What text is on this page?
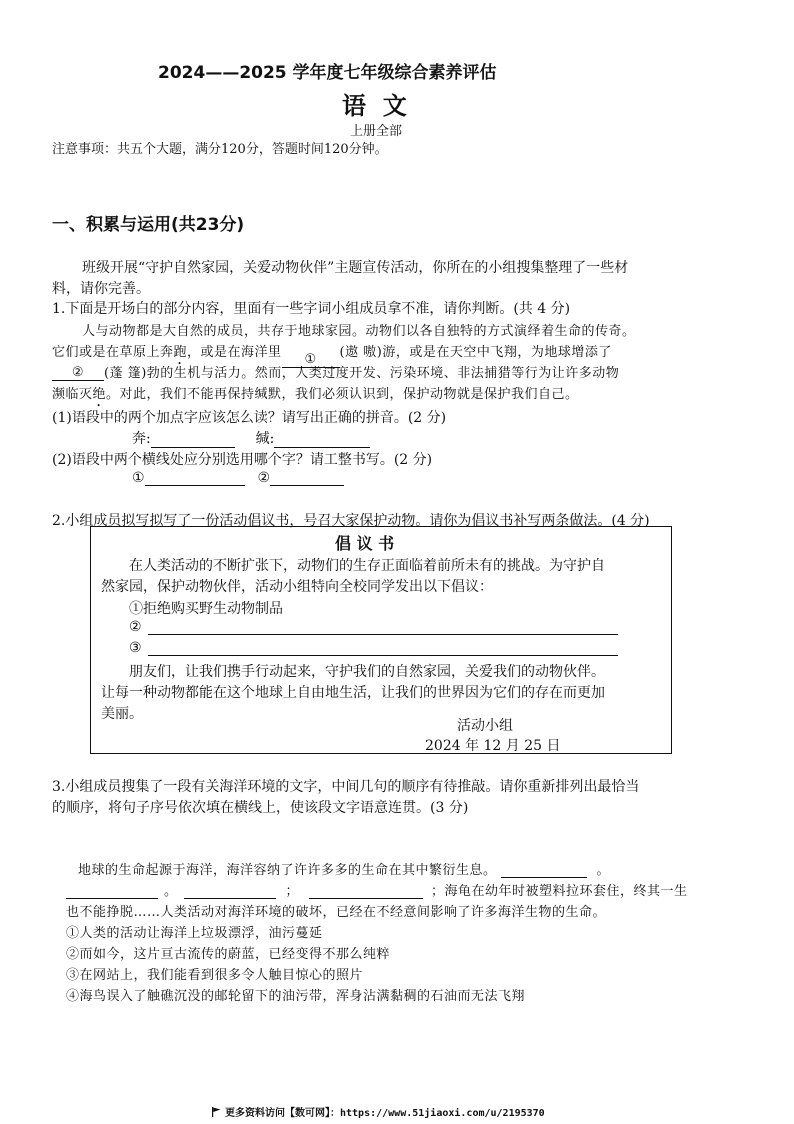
2024——2025 学年度七年级综合素养评估
语  文
上册全部
注意事项：共五个大题，满分120分，答题时间120分钟。
一、积累与运用(共23分)
班级开展“守护自然家园，关爱动物伙伴”主题宣传活动，你所在的小组搜集整理了一些材
料，请你完善。
1.下面是开场白的部分内容，里面有一些字词小组成员拿不准，请你判断。(共 4 分)
人与动物都是大自然的成员，共存于地球家园。动物们以各自独特的方式演绎着生命的传奇。
它们或是在草原上奔跑，或是在海洋里 ① (遨 嗷)游，或是在天空中飞翔，为地球增添了
② (蓬 篷)勃的生机与活力。然而，人类过度开发、污染环境、非法捕猎等行为让许多动物
濒临灭绝。对此，我们不能再保持缄默，我们必须认识到，保护动物就是保护我们自己。
(1)语段中的两个加点字应该怎么读？请写出正确的拼音。(2 分)
奔:	缄:
(2)语段中两个横线处应分别选用哪个字？请工整书写。(2 分)
①	②
2.小组成员拟写拟写了一份活动倡议书，号召大家保护动物。请你为倡议书补写两条做法。(4 分)
倡 议 书
在人类活动的不断扩张下，动物们的生存正面临着前所未有的挑战。为守护自
然家园，保护动物伙伴，活动小组特向全校同学发出以下倡议：
①拒绝购买野生动物制品
②
③
朋友们，让我们携手行动起来，守护我们的自然家园，关爱我们的动物伙伴。
让每一种动物都能在这个地球上自由地生活，让我们的世界因为它们的存在而更加
美丽。
活动小组
2024 年 12 月 25 日
3.小组成员搜集了一段有关海洋环境的文字，中间几句的顺序有待推敲。请你重新排列出最恰当
的顺序，将句子序号依次填在横线上，使该段文字语意连贯。(3 分)
地球的生命起源于海洋，海洋容纳了许许多多的生命在其中繁衍生息。	。
。	；	；海龟在幼年时被塑料拉环套住，终其一生
也不能挣脱……人类活动对海洋环境的破坏，已经在不经意间影响了许多海洋生物的生命。
①人类的活动让海洋上垃圾漂浮，油污蔓延
②而如今，这片亘古流传的蔚蓝，已经变得不那么纯粹
③在网站上，我们能看到很多令人触目惊心的照片
④海鸟误入了触礁沉没的邮轮留下的油污带，浑身沾满黏稠的石油而无法飞翔
更多资料访问【数可网】：https://www.51jiaoxi.com/u/2195370
